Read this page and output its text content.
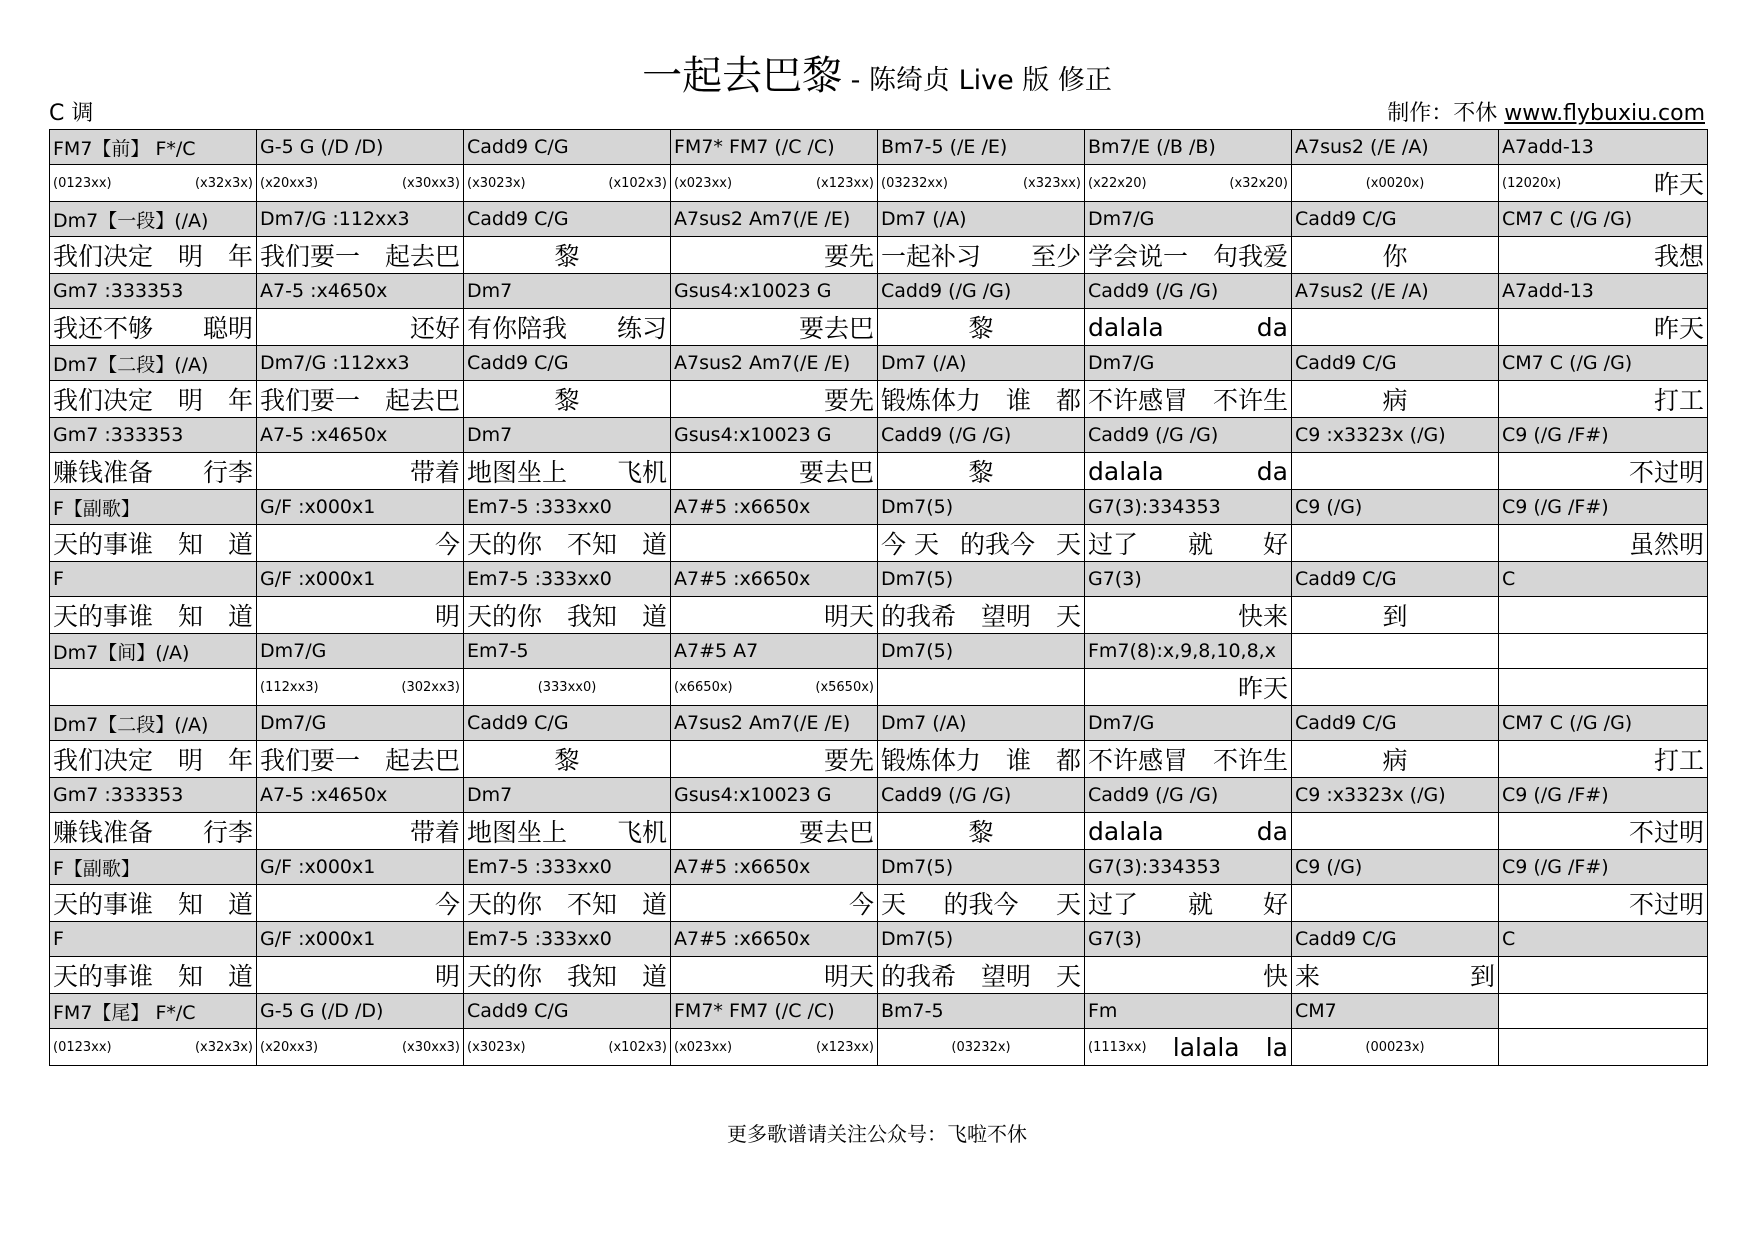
一起去巴黎 - 陈绮贞 Live 版 修正
C 调	制作：不休 www.flybuxiu.com
FM7【前】 F*/C	G-5 G (/D /D)	Cadd9 C/G	FM7* FM7 (/C /C)	Bm7-5 (/E /E)	Bm7/E (/B /B)	A7sus2 (/E /A)	A7add-13

(0123xx) (x32x3x)	(x20xx3) (x30xx3)	(x3023x) (x102x3)	(x023xx) (x123xx)	(03232xx) (x323xx)	(x22x20) (x32x20)	(x0020x)	(12020x) 昨天

Dm7【一段】(/A)	Dm7/G :112xx3	Cadd9 C/G	A7sus2 Am7(/E /E)	Dm7 (/A)	Dm7/G	Cadd9 C/G	CM7 C (/G /G)

我们决定 明 年	我们要一 起去巴	黎	要先	一起补习 至少	学会说一 句我爱	你	我想

Gm7 :333353	A7-5 :x4650x	Dm7	Gsus4:x10023 G	Cadd9 (/G /G)	Cadd9 (/G /G)	A7sus2 (/E /A)	A7add-13

我还不够 聪明	还好	有你陪我 练习	要去巴	黎	dalala da		昨天

Dm7【二段】(/A)	Dm7/G :112xx3	Cadd9 C/G	A7sus2 Am7(/E /E)	Dm7 (/A)	Dm7/G	Cadd9 C/G	CM7 C (/G /G)

我们决定 明 年	我们要一 起去巴	黎	要先	锻炼体力 谁 都	不许感冒 不许生	病	打工

Gm7 :333353	A7-5 :x4650x	Dm7	Gsus4:x10023 G	Cadd9 (/G /G)	Cadd9 (/G /G)	C9 :x3323x (/G)	C9 (/G /F#)

赚钱准备 行李	带着	地图坐上 飞机	要去巴	黎	dalala da		不过明

F【副歌】	G/F :x000x1	Em7-5 :333xx0	A7#5 :x6650x	Dm7(5)	G7(3):334353	C9 (/G)	C9 (/G /F#)

天的事谁 知 道	今	天的你 不知 道		今 天 的我今 天	过了 就 好		虽然明

F	G/F :x000x1	Em7-5 :333xx0	A7#5 :x6650x	Dm7(5)	G7(3)	Cadd9 C/G	C

天的事谁 知 道	明	天的你 我知 道	明天	的我希 望明 天	快来	到	

Dm7【间】(/A)	Dm7/G	Em7-5	A7#5 A7	Dm7(5)	Fm7(8):x,9,8,10,8,x		

	(112xx3) (302xx3)	(333xx0)	(x6650x) (x5650x)		昨天		

Dm7【二段】(/A)	Dm7/G	Cadd9 C/G	A7sus2 Am7(/E /E)	Dm7 (/A)	Dm7/G	Cadd9 C/G	CM7 C (/G /G)

我们决定 明 年	我们要一 起去巴	黎	要先	锻炼体力 谁 都	不许感冒 不许生	病	打工

Gm7 :333353	A7-5 :x4650x	Dm7	Gsus4:x10023 G	Cadd9 (/G /G)	Cadd9 (/G /G)	C9 :x3323x (/G)	C9 (/G /F#)

赚钱准备 行李	带着	地图坐上 飞机	要去巴	黎	dalala da		不过明

F【副歌】	G/F :x000x1	Em7-5 :333xx0	A7#5 :x6650x	Dm7(5)	G7(3):334353	C9 (/G)	C9 (/G /F#)

天的事谁 知 道	今	天的你 不知 道	今	天 的我今 天	过了 就 好		不过明

F	G/F :x000x1	Em7-5 :333xx0	A7#5 :x6650x	Dm7(5)	G7(3)	Cadd9 C/G	C

天的事谁 知 道	明	天的你 我知 道	明天	的我希 望明 天	快	来 到	

FM7【尾】 F*/C	G-5 G (/D /D)	Cadd9 C/G	FM7* FM7 (/C /C)	Bm7-5	Fm	CM7	

(0123xx) (x32x3x)	(x20xx3) (x30xx3)	(x3023x) (x102x3)	(x023xx) (x123xx)	(03232x)	(1113xx) lalala la	(00023x)	

更多歌谱请关注公众号：飞啦不休
